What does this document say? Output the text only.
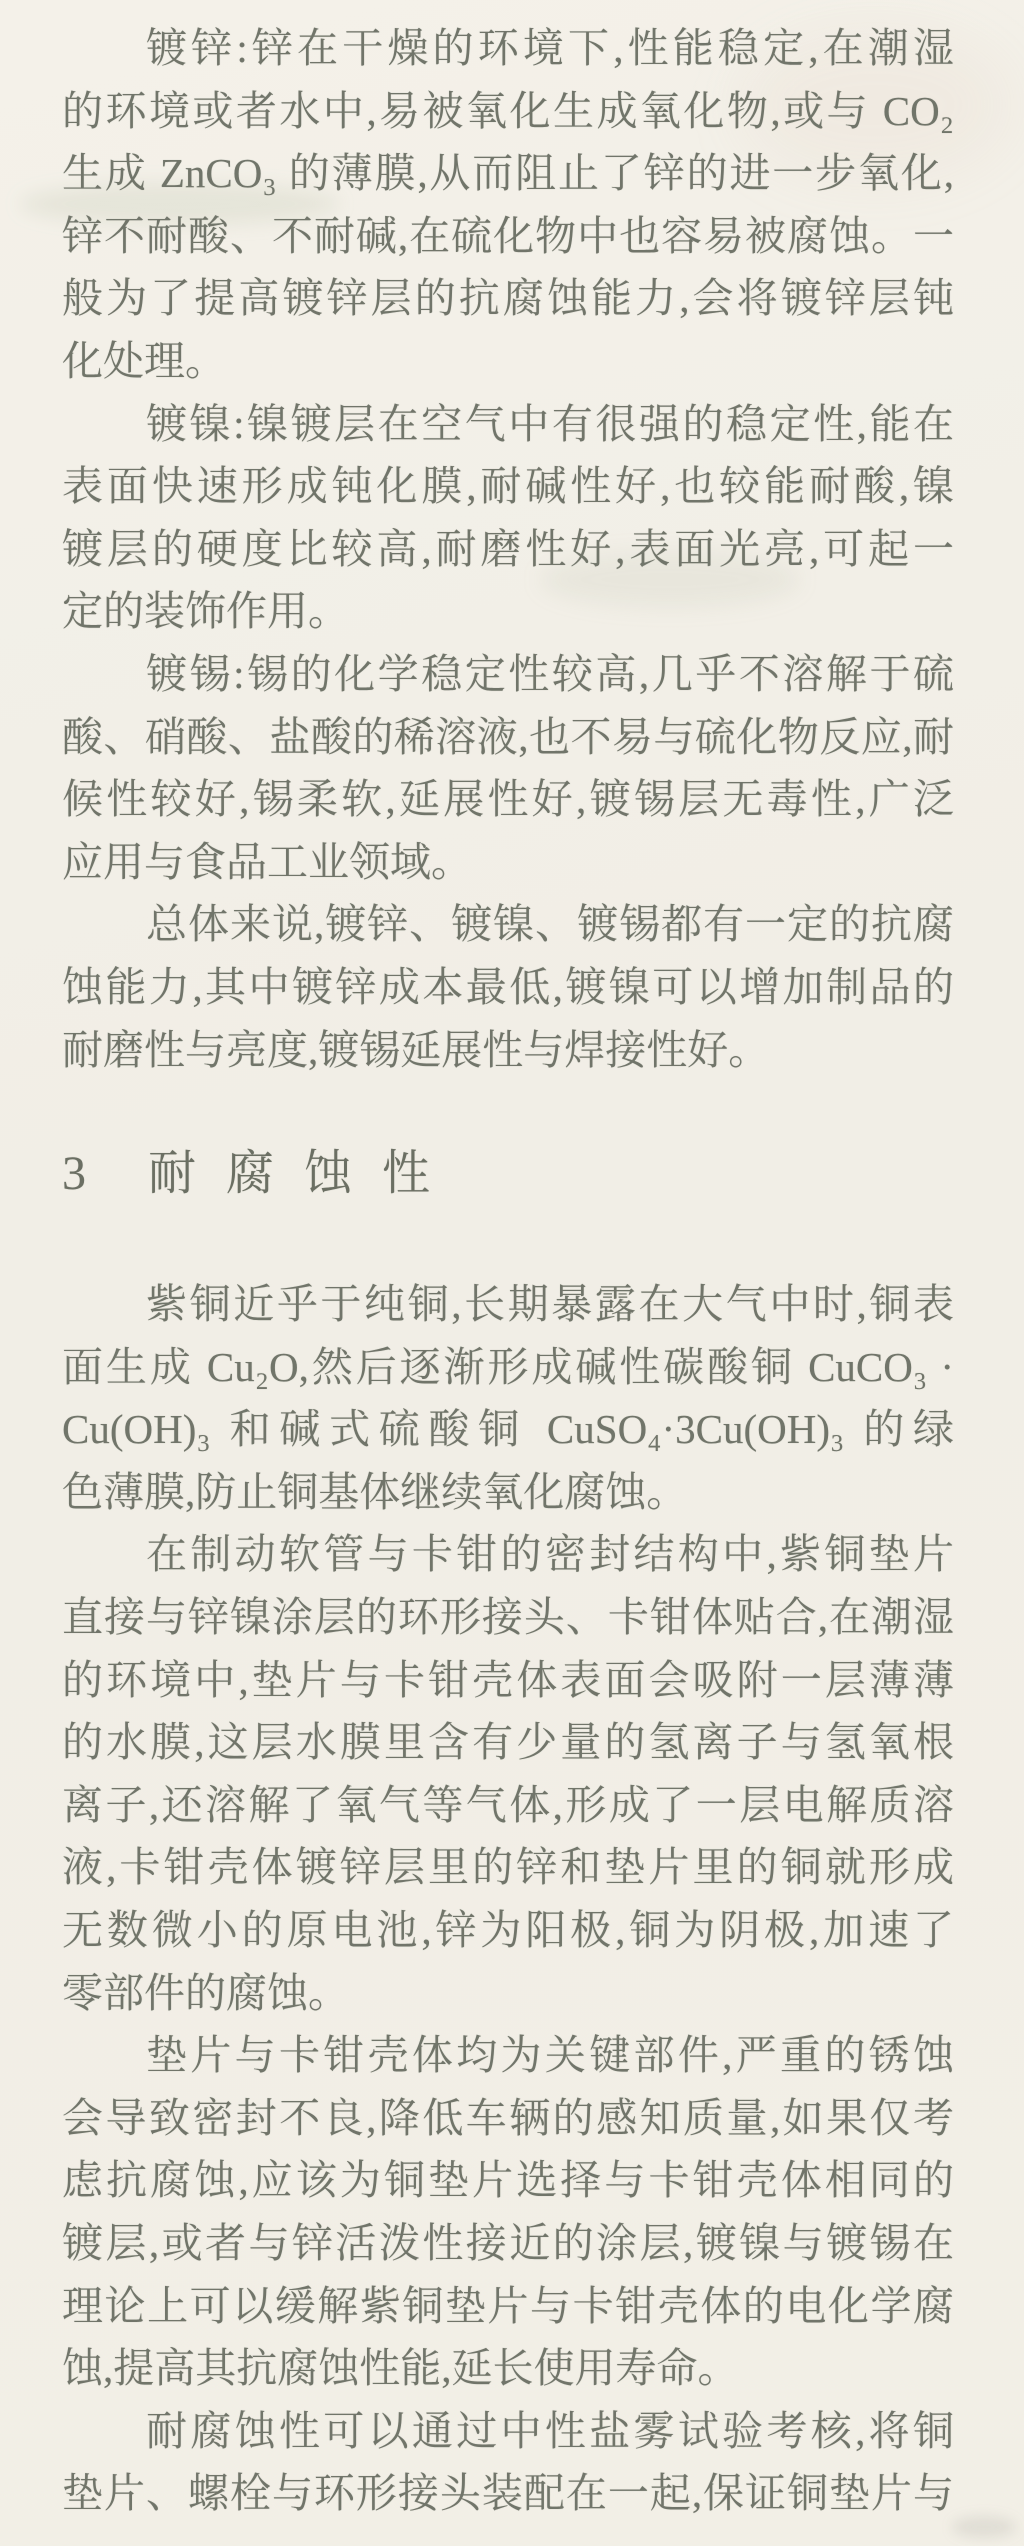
镀锌:锌在干燥的环境下,性能稳定,在潮湿
的环境或者水中,易被氧化生成氧化物,或与 CO₂
生成 ZnCO₃ 的薄膜,从而阻止了锌的进一步氧化,
锌不耐酸、不耐碱,在硫化物中也容易被腐蚀。一
般为了提高镀锌层的抗腐蚀能力,会将镀锌层钝
化处理。
镀镍:镍镀层在空气中有很强的稳定性,能在
表面快速形成钝化膜,耐碱性好,也较能耐酸,镍
镀层的硬度比较高,耐磨性好,表面光亮,可起一
定的装饰作用。
镀锡:锡的化学稳定性较高,几乎不溶解于硫
酸、硝酸、盐酸的稀溶液,也不易与硫化物反应,耐
候性较好,锡柔软,延展性好,镀锡层无毒性,广泛
应用与食品工业领域。
总体来说,镀锌、镀镍、镀锡都有一定的抗腐
蚀能力,其中镀锌成本最低,镀镍可以增加制品的
耐磨性与亮度,镀锡延展性与焊接性好。
3 耐腐蚀性
紫铜近乎于纯铜,长期暴露在大气中时,铜表
面生成 Cu₂O,然后逐渐形成碱性碳酸铜 CuCO₃ ·
Cu(OH)₃ 和碱式硫酸铜 CuSO₄·3Cu(OH)₃ 的绿
色薄膜,防止铜基体继续氧化腐蚀。
在制动软管与卡钳的密封结构中,紫铜垫片
直接与锌镍涂层的环形接头、卡钳体贴合,在潮湿
的环境中,垫片与卡钳壳体表面会吸附一层薄薄
的水膜,这层水膜里含有少量的氢离子与氢氧根
离子,还溶解了氧气等气体,形成了一层电解质溶
液,卡钳壳体镀锌层里的锌和垫片里的铜就形成
无数微小的原电池,锌为阳极,铜为阴极,加速了
零部件的腐蚀。
垫片与卡钳壳体均为关键部件,严重的锈蚀
会导致密封不良,降低车辆的感知质量,如果仅考
虑抗腐蚀,应该为铜垫片选择与卡钳壳体相同的
镀层,或者与锌活泼性接近的涂层,镀镍与镀锡在
理论上可以缓解紫铜垫片与卡钳壳体的电化学腐
蚀,提高其抗腐蚀性能,延长使用寿命。
耐腐蚀性可以通过中性盐雾试验考核,将铜
垫片、螺栓与环形接头装配在一起,保证铜垫片与
